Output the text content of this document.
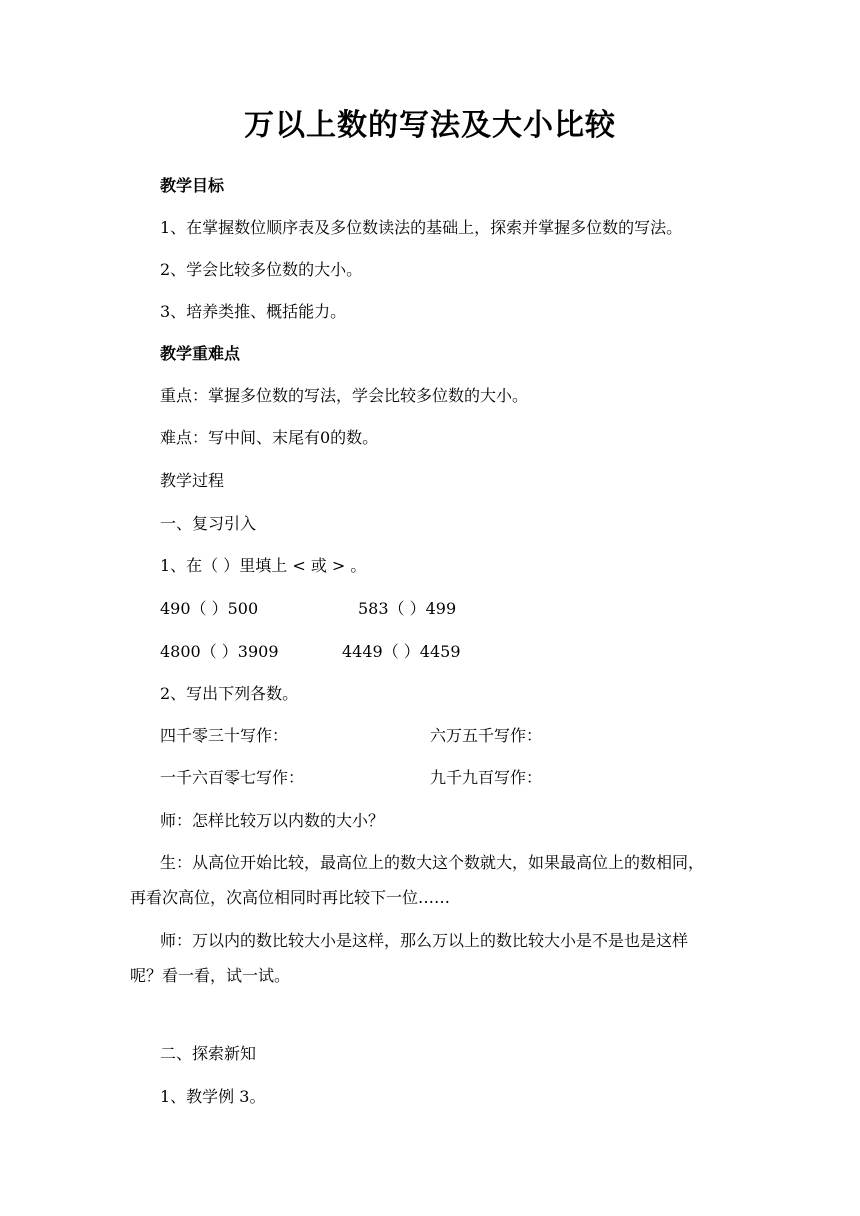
万以上数的写法及大小比较
教学目标
1、在掌握数位顺序表及多位数读法的基础上，探索并掌握多位数的写法。
2、学会比较多位数的大小。
3、培养类推、概括能力。
教学重难点
重点：掌握多位数的写法，学会比较多位数的大小。
难点：写中间、末尾有0的数。
教学过程
一、复习引入
1、在（ ）里填上 < 或 > 。
490（ ）500	583（ ）499
4800（ ）3909	4449（ ）4459
2、写出下列各数。
四千零三十写作：	六万五千写作：
一千六百零七写作：	九千九百写作：
师：怎样比较万以内数的大小？
生：从高位开始比较，最高位上的数大这个数就大，如果最高位上的数相同，
再看次高位，次高位相同时再比较下一位……
师：万以内的数比较大小是这样，那么万以上的数比较大小是不是也是这样
呢？看一看，试一试。
二、探索新知
1、教学例 3。
